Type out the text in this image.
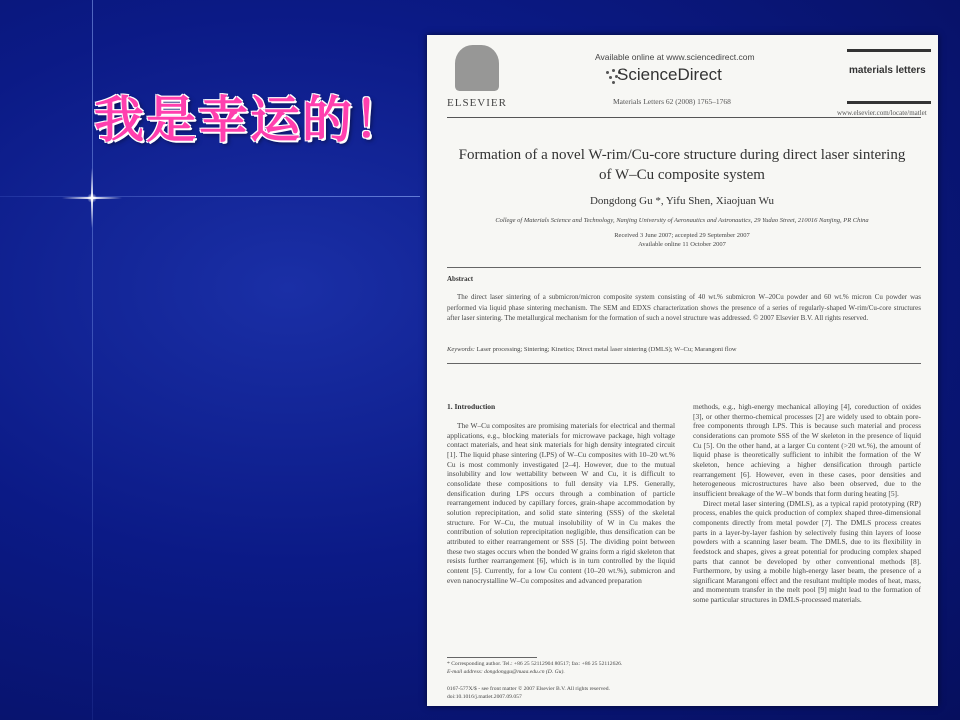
我是幸运的！	ELSEVIER
Available online at www.sciencedirect.com
ScienceDirect
Materials Letters 62 (2008) 1765–1768
materials letters
www.elsevier.com/locate/matlet
Formation of a novel W-rim/Cu-core structure during direct laser sintering of W–Cu composite system
Dongdong Gu *, Yifu Shen, Xiaojuan Wu
College of Materials Science and Technology, Nanjing University of Aeronautics and Astronautics, 29 Yudao Street, 210016 Nanjing, PR China
Received 3 June 2007; accepted 29 September 2007
Available online 11 October 2007
Abstract
The direct laser sintering of a submicron/micron composite system consisting of 40 wt.% submicron W–20Cu powder and 60 wt.% micron Cu powder was performed via liquid phase sintering mechanism. The SEM and EDXS characterization shows the presence of a series of regularly-shaped W-rim/Cu-core structures after laser sintering. The metallurgical mechanism for the formation of such a novel structure was addressed. © 2007 Elsevier B.V. All rights reserved.
Keywords: Laser processing; Sintering; Kinetics; Direct metal laser sintering (DMLS); W–Cu; Marangoni flow
1. Introduction

The W–Cu composites are promising materials for electrical and thermal applications, e.g., blocking materials for microwave package, high voltage contact materials, and heat sink materials for high density integrated circuit [1]. The liquid phase sintering (LPS) of W–Cu composites with 10–20 wt.% Cu is most commonly investigated [2–4]. However, due to the mutual insolubility and low wettability between W and Cu, it is difficult to consolidate these compositions to full density via LPS. Generally, densification during LPS occurs through a combination of particle rearrangement induced by capillary forces, grain-shape accommodation by solution reprecipitation, and solid state sintering (SSS) of the skeletal structure. For W–Cu, the mutual insolubility of W in Cu makes the contribution of solution reprecipitation negligible, thus densification can be attributed to either rearrangement or SSS [5]. The dividing point between these two stages occurs when the bonded W grains form a rigid skeleton that resists further rearrangement [6], which is in turn controlled by the liquid content [5]. Currently, for a low Cu content (10–20 wt.%), submicron and even nanocrystalline W–Cu composites and advanced preparation

methods, e.g., high-energy mechanical alloying [4], coreduction of oxides [3], or other thermo-chemical processes [2] are widely used to obtain pore-free components through LPS. This is because such material and process considerations can promote SSS of the W skeleton in the presence of liquid Cu [5]. On the other hand, at a larger Cu content (>20 wt.%), the amount of liquid phase is theoretically sufficient to inhibit the formation of the W skeleton, hence achieving a higher densification through particle rearrangement [6]. However, even in these cases, poor densities and heterogeneous microstructures have also been observed, due to the insufficient breakage of the W–W bonds that form during heating [5].

Direct metal laser sintering (DMLS), as a typical rapid prototyping (RP) process, enables the quick production of complex shaped three-dimensional components directly from metal powder [7]. The DMLS process creates parts in a layer-by-layer fashion by selectively fusing thin layers of loose powders with a scanning laser beam. The DMLS, due to its flexibility in feedstock and shapes, gives a great potential for producing complex shaped parts that cannot be developed by other conventional methods [8]. Furthermore, by using a mobile high-energy laser beam, the presence of a significant Marangoni effect and the resultant multiple modes of heat, mass, and momentum transfer in the melt pool [9] might lead to the formation of some particular structures in DMLS-processed materials.

* Corresponding author. Tel.: +86 25 52112904 80517; fax: +86 25 52112626.
E-mail address: dongdonggu@nuaa.edu.cn (D. Gu).
0167-577X/$ - see front matter © 2007 Elsevier B.V. All rights reserved.
doi:10.1016/j.matlet.2007.09.057
